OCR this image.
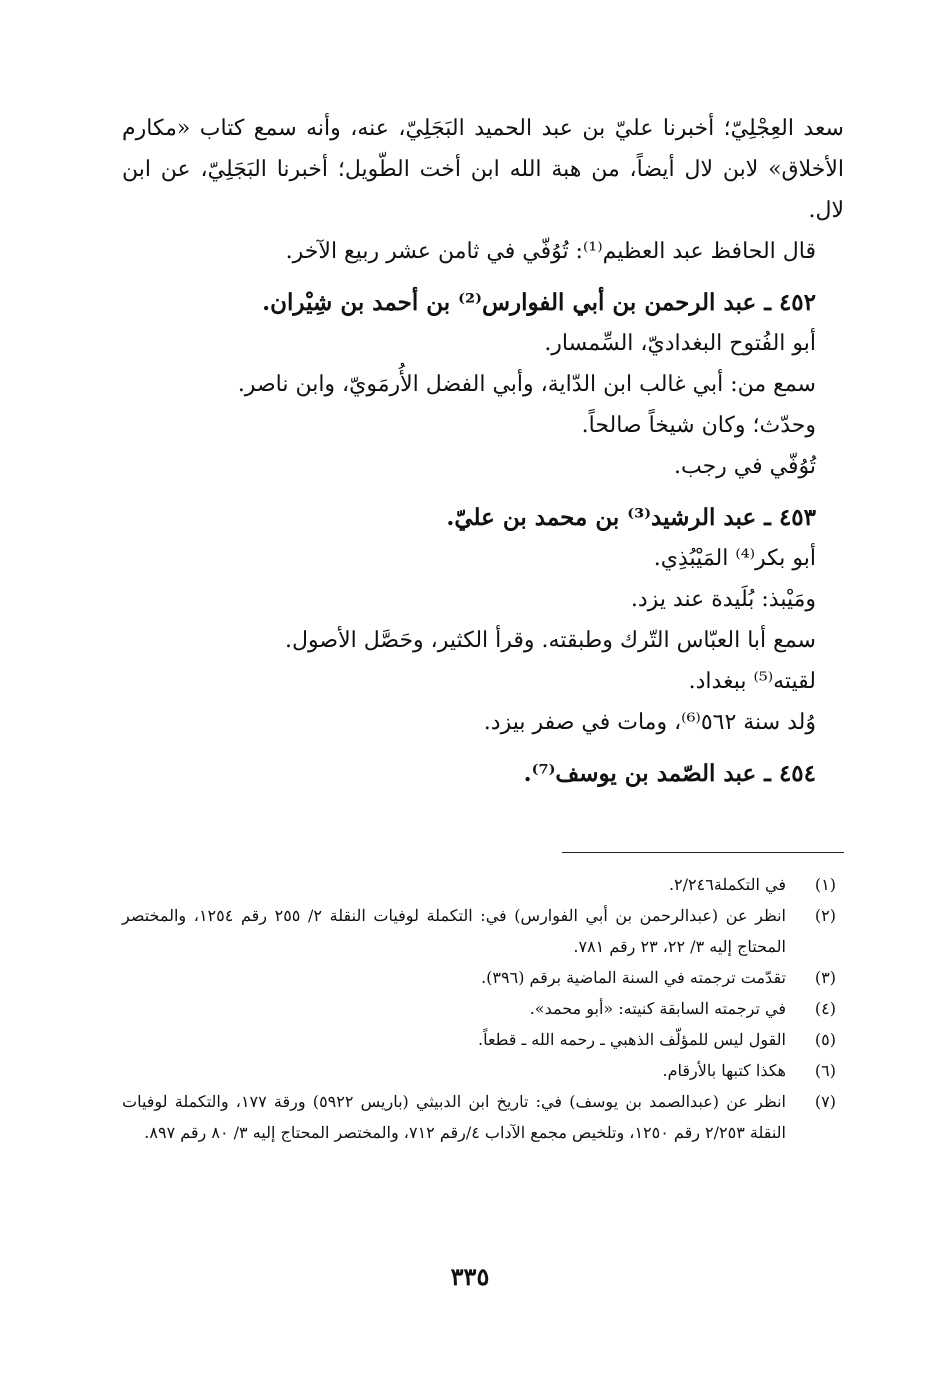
سعد العِجْلِيّ؛ أخبرنا عليّ بن عبد الحميد البَجَلِيّ، عنه، وأنه سمع كتاب «مكارم الأخلاق» لابن لال أيضاً، من هبة الله ابن أخت الطّويل؛ أخبرنا البَجَلِيّ، عن ابن لال.

قال الحافظ عبد العظيم⁽¹⁾: تُوُفّي في ثامن عشر ربيع الآخر.

٤٥٢ ـ عبد الرحمن بن أبي الفوارس⁽²⁾ بن أحمد بن شِيْران.

أبو الفُتوح البغداديّ، السِّمسار.

سمع من: أبي غالب ابن الدّاية، وأبي الفضل الأُرمَويّ، وابن ناصر.

وحدّث؛ وكان شيخاً صالحاً.

تُوُفّي في رجب.

٤٥٣ ـ عبد الرشيد⁽³⁾ بن محمد بن عليّ.

أبو بكر⁽⁴⁾ المَيْبُذِي.

ومَيْبذ: بُلَيدة عند يزد.

سمع أبا العبّاس التّرك وطبقته. وقرأ الكثير، وحَصَّل الأصول.

لقيته⁽⁵⁾ ببغداد.

وُلد سنة ٥٦٢⁽⁶⁾، ومات في صفر بيزد.

٤٥٤ ـ عبد الصّمد بن يوسف⁽⁷⁾.

(١)
في التكملة٢/٢٤٦.
(٢)
انظر عن (عبدالرحمن بن أبي الفوارس) في: التكملة لوفيات النقلة ٢/ ٢٥٥ رقم ١٢٥٤، والمختصر المحتاج إليه ٣/ ٢٢، ٢٣ رقم ٧٨١.
(٣)
تقدّمت ترجمته في السنة الماضية برقم (٣٩٦).
(٤)
في ترجمته السابقة كنيته: «أبو محمد».
(٥)
القول ليس للمؤلّف الذهبي ـ رحمه الله ـ قطعاً.
(٦)
هكذا كتبها بالأرقام.
(٧)
انظر عن (عبدالصمد بن يوسف) في: تاريخ ابن الدبيثي (باريس ٥٩٢٢) ورقة ١٧٧، والتكملة لوفيات النقلة ٢/٢٥٣ رقم ١٢٥٠، وتلخيص مجمع الآداب ٤/رقم ٧١٢، والمختصر المحتاج إليه ٣/ ٨٠ رقم ٨٩٧.
٣٣٥
